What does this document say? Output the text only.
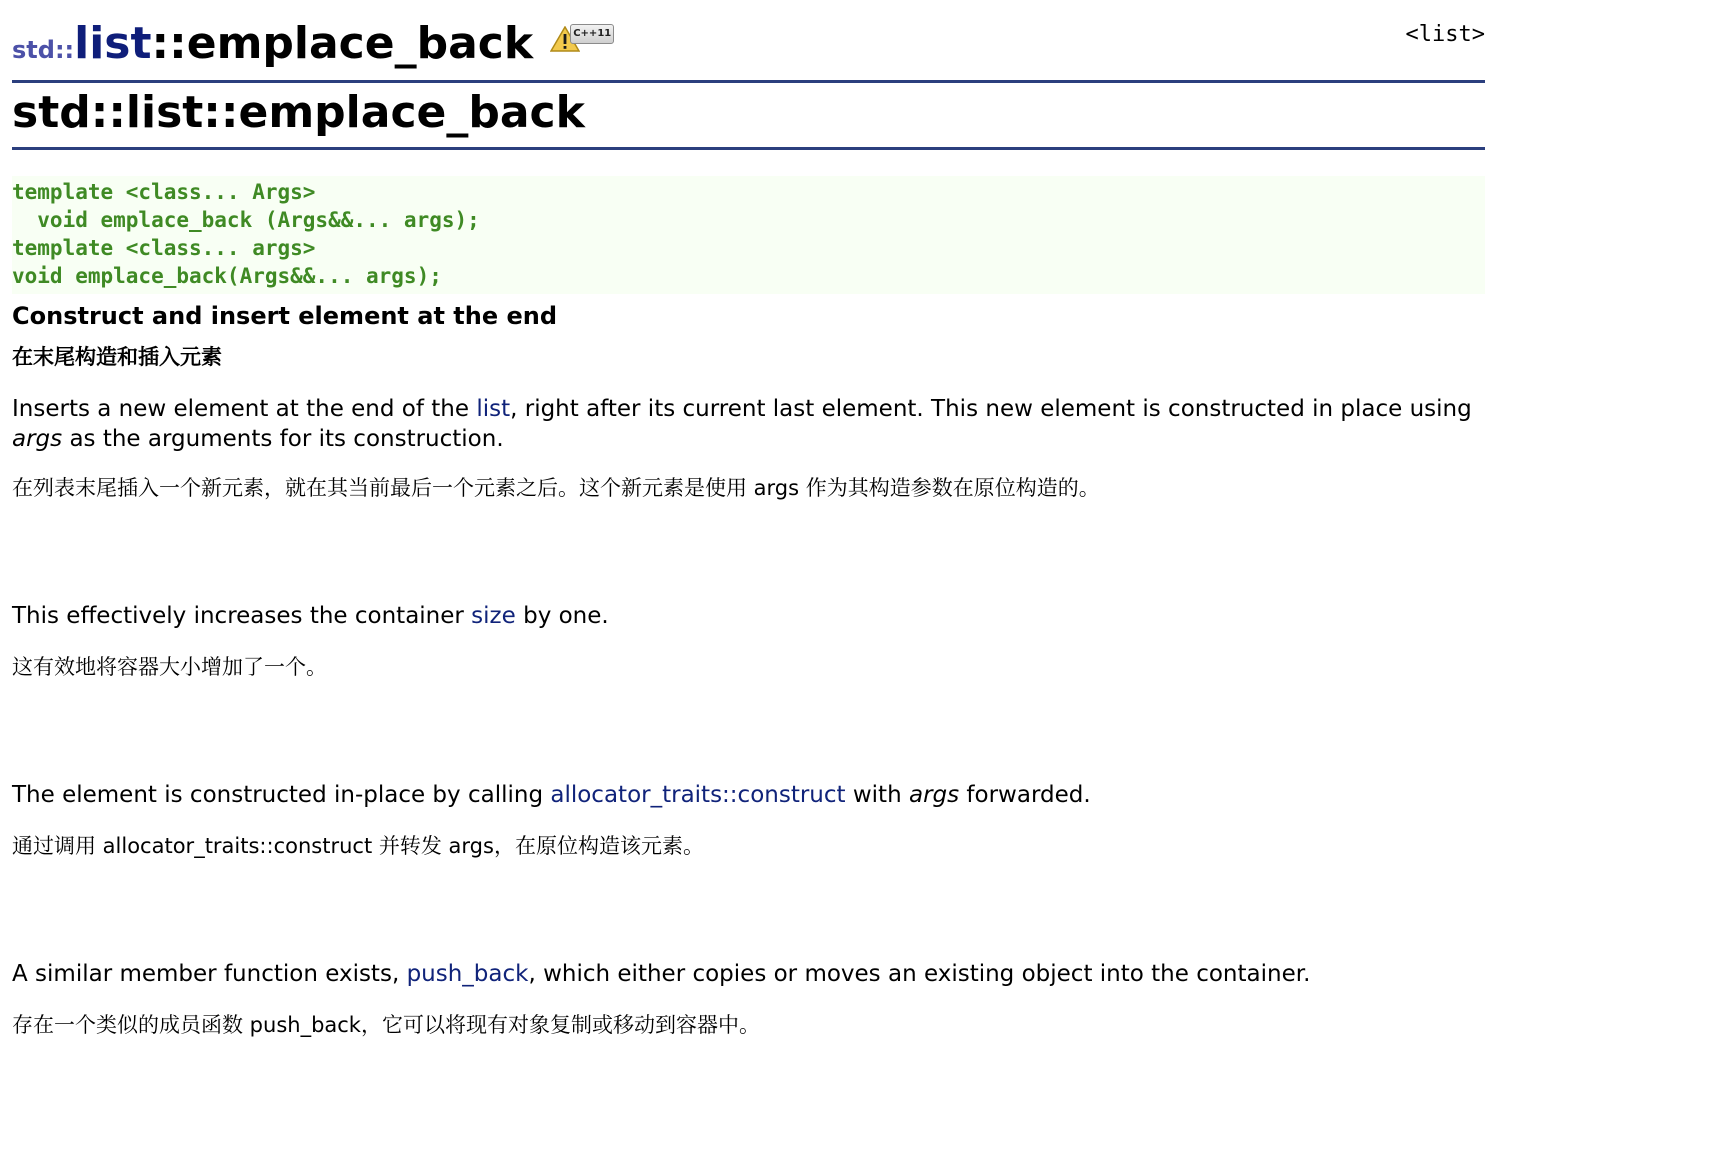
std::list::emplace_back	C++11	<list>
std::list::emplace_back
template <class... Args>
void emplace_back (Args&&... args);
template <class... args>
void emplace_back(Args&&... args);
Construct and insert element at the end
在末尾构造和插入元素

Inserts a new element at the end of the list, right after its current last element. This new element is constructed in place using args as the arguments for its construction.

在列表末尾插入一个新元素，就在其当前最后一个元素之后。这个新元素是使用 args 作为其构造参数在原位构造的。

This effectively increases the container size by one.

这有效地将容器大小增加了一个。

The element is constructed in-place by calling allocator_traits::construct with args forwarded.

通过调用 allocator_traits::construct 并转发 args，在原位构造该元素。

A similar member function exists, push_back, which either copies or moves an existing object into the container.

存在一个类似的成员函数 push_back，它可以将现有对象复制或移动到容器中。
